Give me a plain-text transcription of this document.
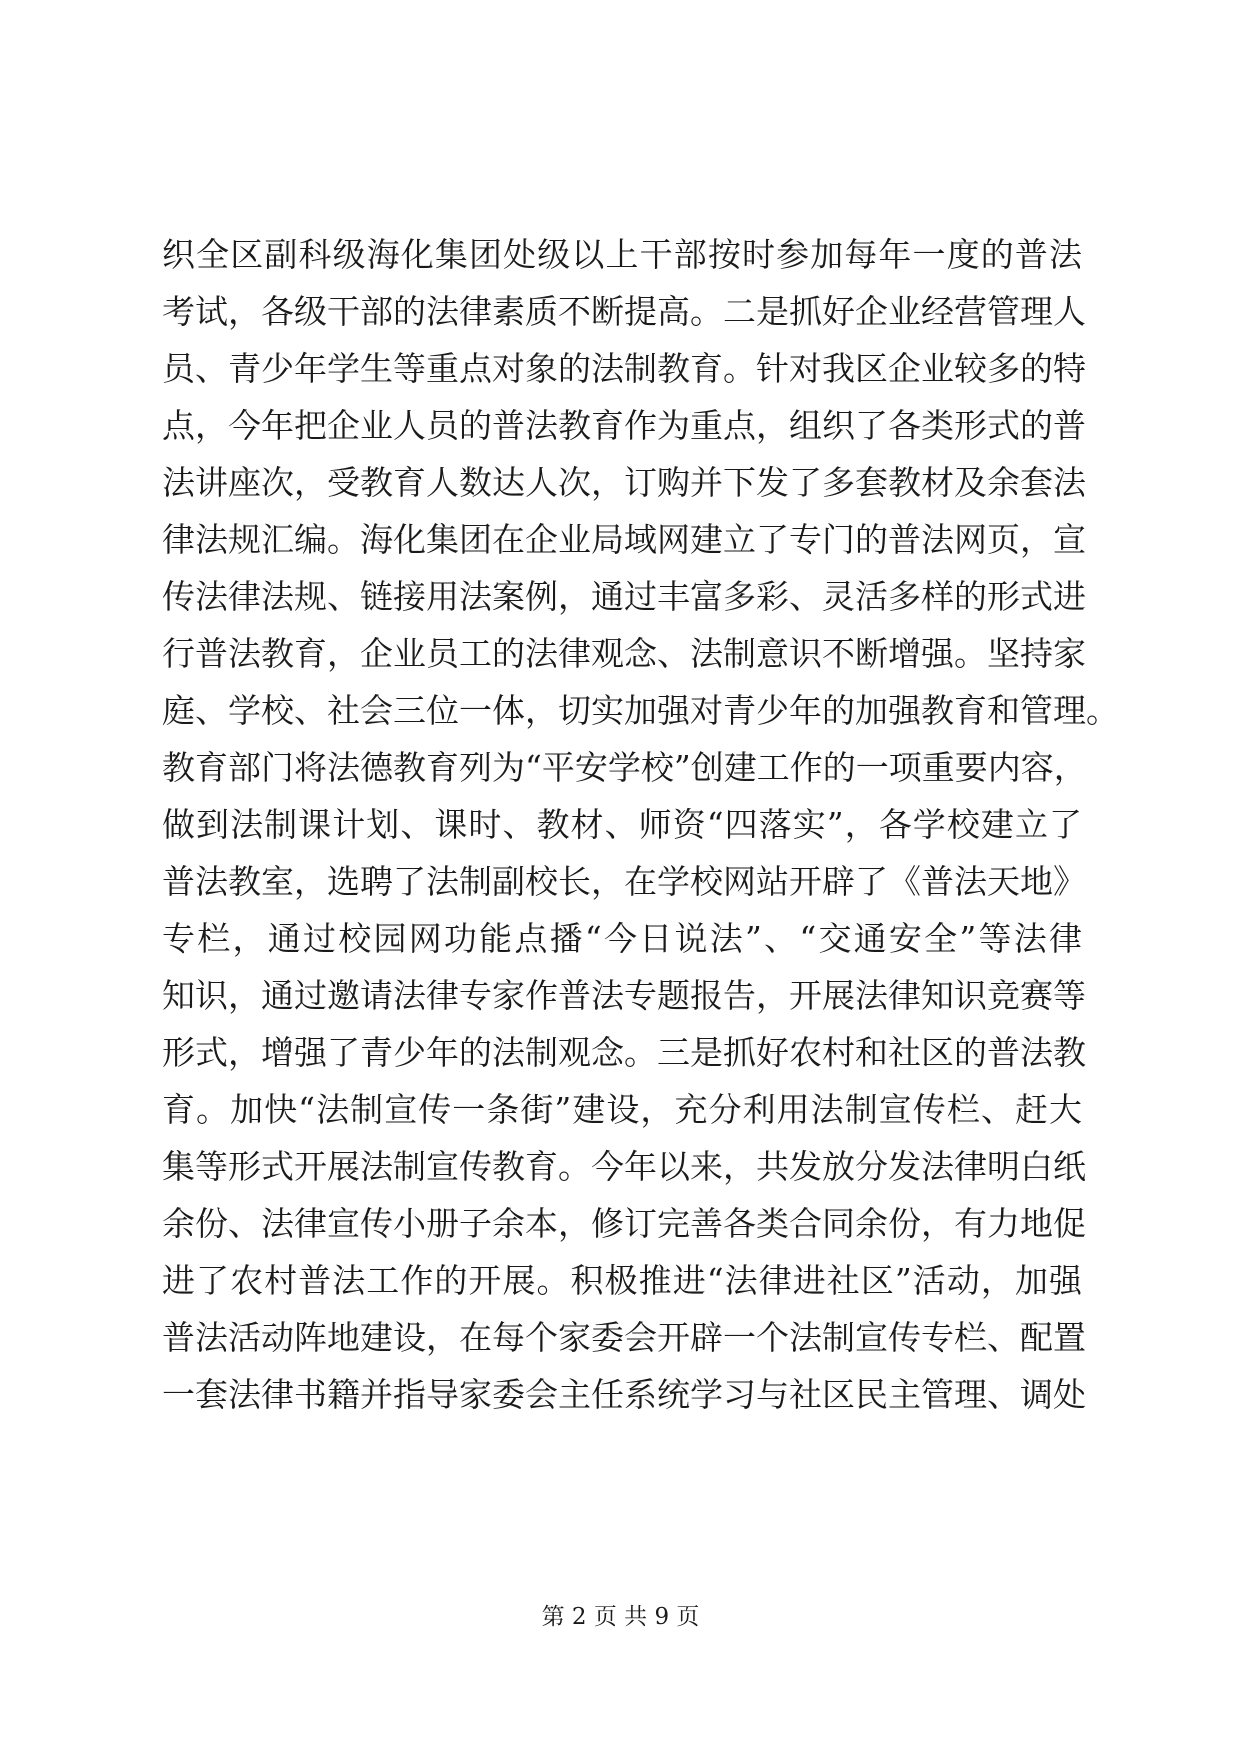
织全区副科级海化集团处级以上干部按时参加每年一度的普法
考试，各级干部的法律素质不断提高。二是抓好企业经营管理人
员、青少年学生等重点对象的法制教育。针对我区企业较多的特
点，今年把企业人员的普法教育作为重点，组织了各类形式的普
法讲座次，受教育人数达人次，订购并下发了多套教材及余套法
律法规汇编。海化集团在企业局域网建立了专门的普法网页，宣
传法律法规、链接用法案例，通过丰富多彩、灵活多样的形式进
行普法教育，企业员工的法律观念、法制意识不断增强。坚持家
庭、学校、社会三位一体，切实加强对青少年的加强教育和管理。
教育部门将法德教育列为“平安学校”创建工作的一项重要内容，
做到法制课计划、课时、教材、师资“四落实”，各学校建立了
普法教室，选聘了法制副校长，在学校网站开辟了《普法天地》
专栏，通过校园网功能点播“今日说法”、“交通安全”等法律
知识，通过邀请法律专家作普法专题报告，开展法律知识竞赛等
形式，增强了青少年的法制观念。三是抓好农村和社区的普法教
育。加快“法制宣传一条街”建设，充分利用法制宣传栏、赶大
集等形式开展法制宣传教育。今年以来，共发放分发法律明白纸
余份、法律宣传小册子余本，修订完善各类合同余份，有力地促
进了农村普法工作的开展。积极推进“法律进社区”活动，加强
普法活动阵地建设，在每个家委会开辟一个法制宣传专栏、配置
一套法律书籍并指导家委会主任系统学习与社区民主管理、调处
第 2 页 共 9 页
